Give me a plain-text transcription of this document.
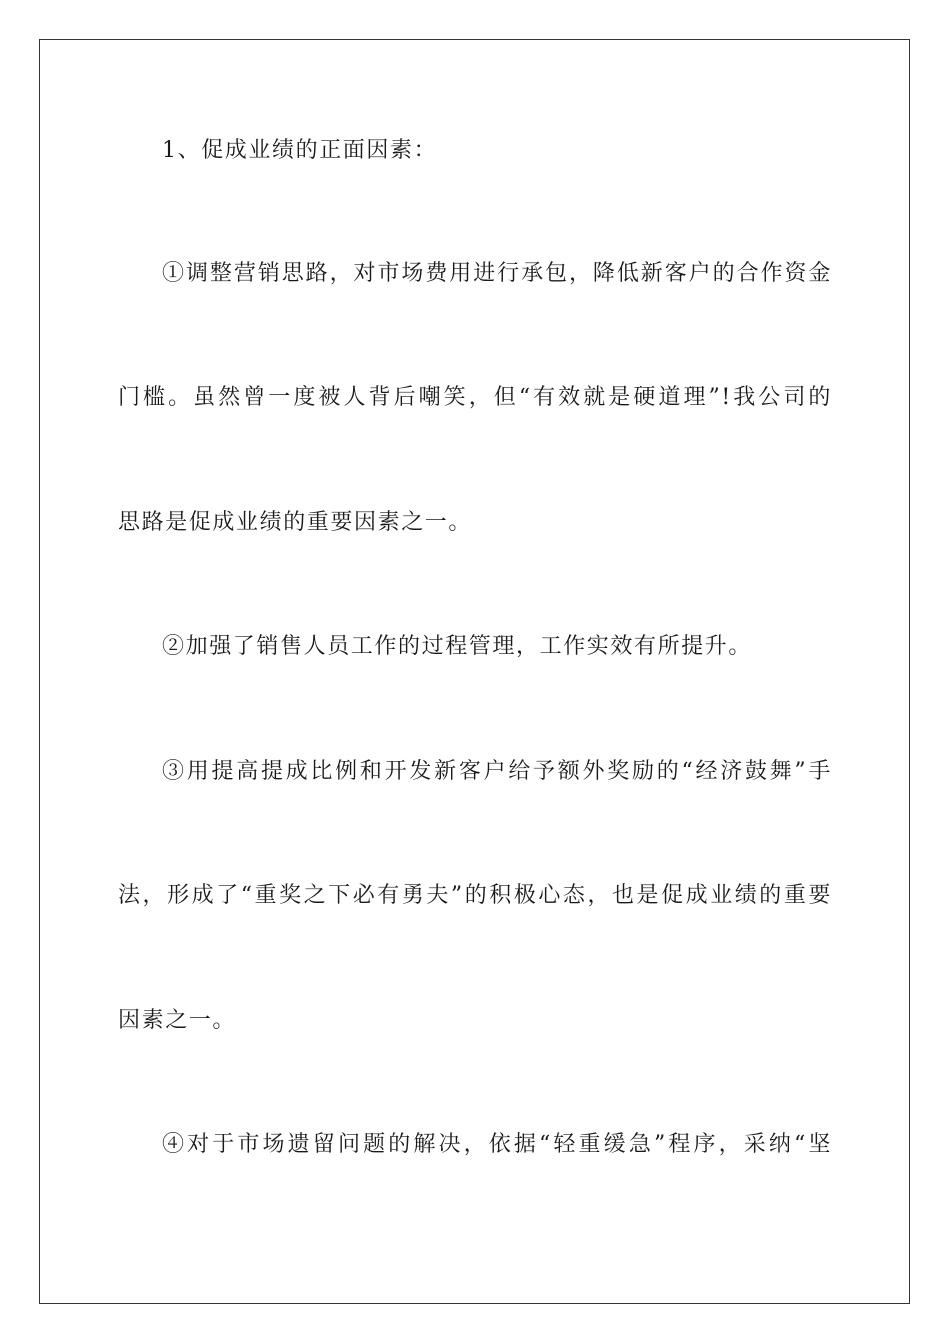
1、促成业绩的正面因素：
①调整营销思路，对市场费用进行承包，降低新客户的合作资金
门槛。虽然曾一度被人背后嘲笑，但“有效就是硬道理”!我公司的
思路是促成业绩的重要因素之一。
②加强了销售人员工作的过程管理，工作实效有所提升。
③用提高提成比例和开发新客户给予额外奖励的“经济鼓舞”手
法，形成了“重奖之下必有勇夫”的积极心态，也是促成业绩的重要
因素之一。
④对于市场遗留问题的解决，依据“轻重缓急”程序，采纳“坚
